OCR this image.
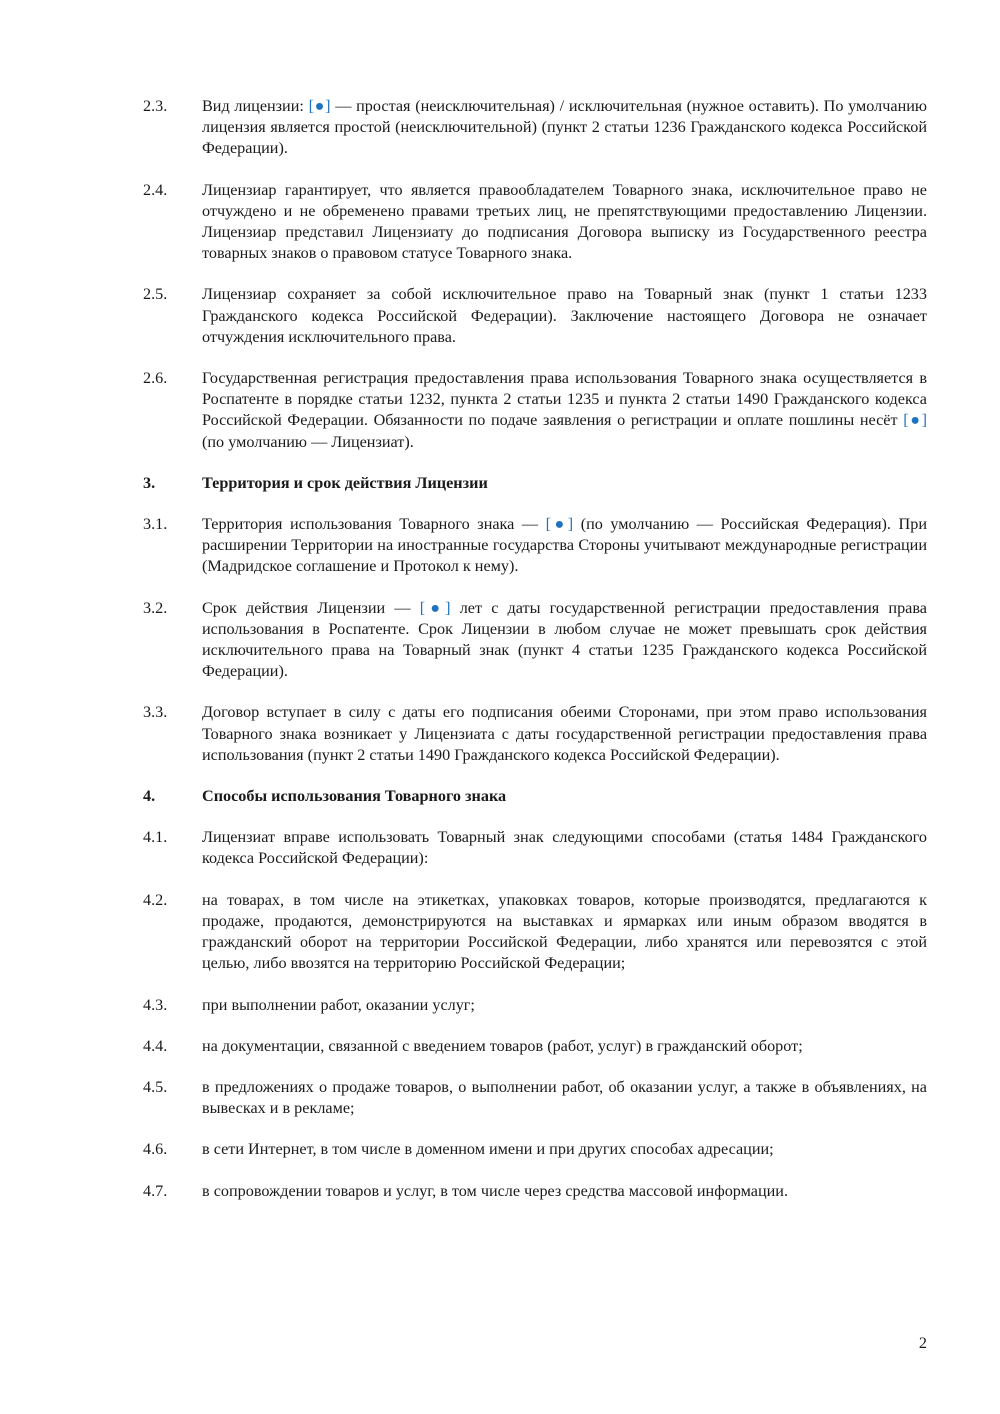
2.3.	Вид лицензии: [●] — простая (неисключительная) / исключительная (нужное оставить). По умолчанию лицензия является простой (неисключительной) (пункт 2 статьи 1236 Гражданского кодекса Российской Федерации).
2.4.	Лицензиар гарантирует, что является правообладателем Товарного знака, исключительное право не отчуждено и не обременено правами третьих лиц, не препятствующими предоставлению Лицензии. Лицензиар представил Лицензиату до подписания Договора выписку из Государственного реестра товарных знаков о правовом статусе Товарного знака.
2.5.	Лицензиар сохраняет за собой исключительное право на Товарный знак (пункт 1 статьи 1233 Гражданского кодекса Российской Федерации). Заключение настоящего Договора не означает отчуждения исключительного права.
2.6.	Государственная регистрация предоставления права использования Товарного знака осуществляется в Роспатенте в порядке статьи 1232, пункта 2 статьи 1235 и пункта 2 статьи 1490 Гражданского кодекса Российской Федерации. Обязанности по подаче заявления о регистрации и оплате пошлины несёт [●] (по умолчанию — Лицензиат).
3.	Территория и срок действия Лицензии
3.1.	Территория использования Товарного знака — [●] (по умолчанию — Российская Федерация). При расширении Территории на иностранные государства Стороны учитывают международные регистрации (Мадридское соглашение и Протокол к нему).
3.2.	Срок действия Лицензии — [●] лет с даты государственной регистрации предоставления права использования в Роспатенте. Срок Лицензии в любом случае не может превышать срок действия исключительного права на Товарный знак (пункт 4 статьи 1235 Гражданского кодекса Российской Федерации).
3.3.	Договор вступает в силу с даты его подписания обеими Сторонами, при этом право использования Товарного знака возникает у Лицензиата с даты государственной регистрации предоставления права использования (пункт 2 статьи 1490 Гражданского кодекса Российской Федерации).
4.	Способы использования Товарного знака
4.1.	Лицензиат вправе использовать Товарный знак следующими способами (статья 1484 Гражданского кодекса Российской Федерации):
4.2.	на товарах, в том числе на этикетках, упаковках товаров, которые производятся, предлагаются к продаже, продаются, демонстрируются на выставках и ярмарках или иным образом вводятся в гражданский оборот на территории Российской Федерации, либо хранятся или перевозятся с этой целью, либо ввозятся на территорию Российской Федерации;
4.3.	при выполнении работ, оказании услуг;
4.4.	на документации, связанной с введением товаров (работ, услуг) в гражданский оборот;
4.5.	в предложениях о продаже товаров, о выполнении работ, об оказании услуг, а также в объявлениях, на вывесках и в рекламе;
4.6.	в сети Интернет, в том числе в доменном имени и при других способах адресации;
4.7.	в сопровождении товаров и услуг, в том числе через средства массовой информации.
2
